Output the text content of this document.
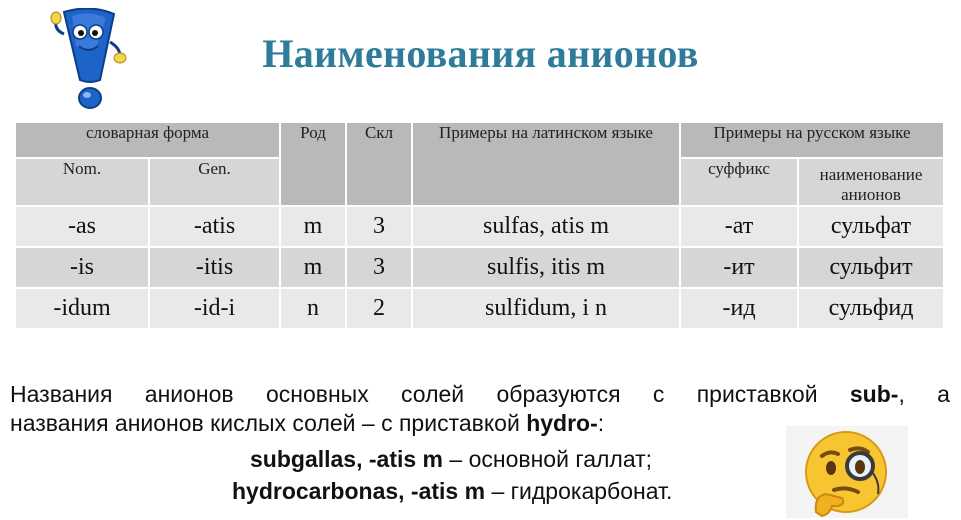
Наименования анионов
словарная форма		Род	Скл	Примеры на латинском языке	Примеры на русском языке	
Nom.	Gen.				суффикс	наименование анионов
-as	-atis	m	3	sulfas, atis m	-ат	сульфат
-is	-itis	m	3	sulfis, itis m	-ит	сульфит
-idum	-id-i	n	2	sulfidum, i n	-ид	сульфид
Названия анионов основных солей образуются с приставкой sub-, а
названия анионов кислых солей – с приставкой hydro-:
subgallas, -atis m – основной галлат;
hydrocarbonas, -atis m – гидрокарбонат.
